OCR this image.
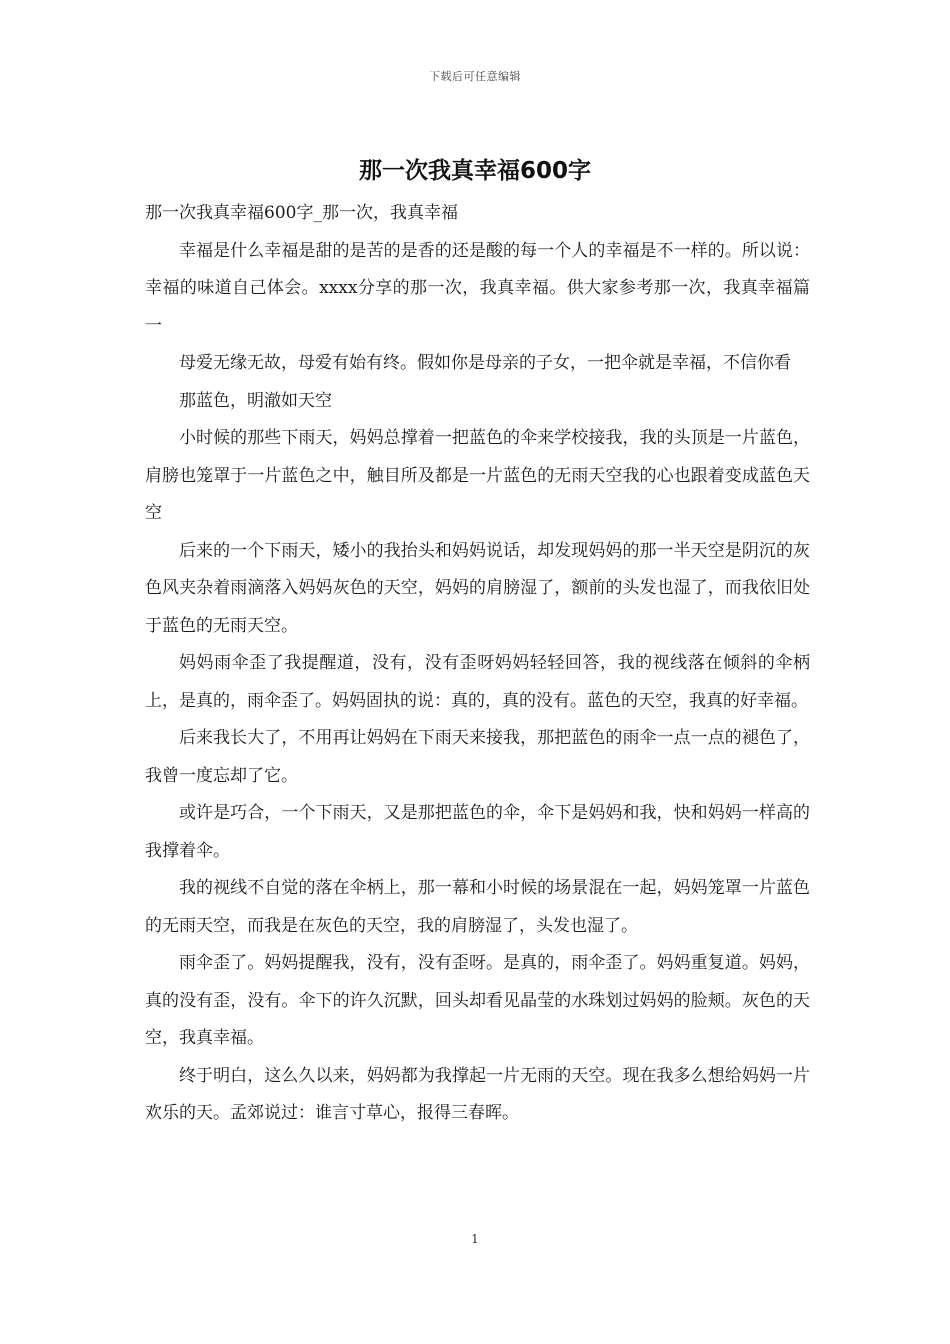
下载后可任意编辑
那一次我真幸福600字

那一次我真幸福600字_那一次，我真幸福

幸福是什么幸福是甜的是苦的是香的还是酸的每一个人的幸福是不一样的。所以说：幸福的味道自己体会。xxxx分享的那一次，我真幸福。供大家参考那一次，我真幸福篇一

母爱无缘无故，母爱有始有终。假如你是母亲的子女，一把伞就是幸福，不信你看

那蓝色，明澈如天空

小时候的那些下雨天，妈妈总撑着一把蓝色的伞来学校接我，我的头顶是一片蓝色，肩膀也笼罩于一片蓝色之中，触目所及都是一片蓝色的无雨天空我的心也跟着变成蓝色天空

后来的一个下雨天，矮小的我抬头和妈妈说话，却发现妈妈的那一半天空是阴沉的灰色风夹杂着雨滴落入妈妈灰色的天空，妈妈的肩膀湿了，额前的头发也湿了，而我依旧处于蓝色的无雨天空。

妈妈雨伞歪了我提醒道，没有，没有歪呀妈妈轻轻回答，我的视线落在倾斜的伞柄上，是真的，雨伞歪了。妈妈固执的说：真的，真的没有。蓝色的天空，我真的好幸福。

后来我长大了，不用再让妈妈在下雨天来接我，那把蓝色的雨伞一点一点的褪色了，我曾一度忘却了它。

或许是巧合，一个下雨天，又是那把蓝色的伞，伞下是妈妈和我，快和妈妈一样高的我撑着伞。

我的视线不自觉的落在伞柄上，那一幕和小时候的场景混在一起，妈妈笼罩一片蓝色的无雨天空，而我是在灰色的天空，我的肩膀湿了，头发也湿了。

雨伞歪了。妈妈提醒我，没有，没有歪呀。是真的，雨伞歪了。妈妈重复道。妈妈，真的没有歪，没有。伞下的许久沉默，回头却看见晶莹的水珠划过妈妈的脸颊。灰色的天空，我真幸福。

终于明白，这么久以来，妈妈都为我撑起一片无雨的天空。现在我多么想给妈妈一片欢乐的天。孟郊说过：谁言寸草心，报得三春晖。

1
